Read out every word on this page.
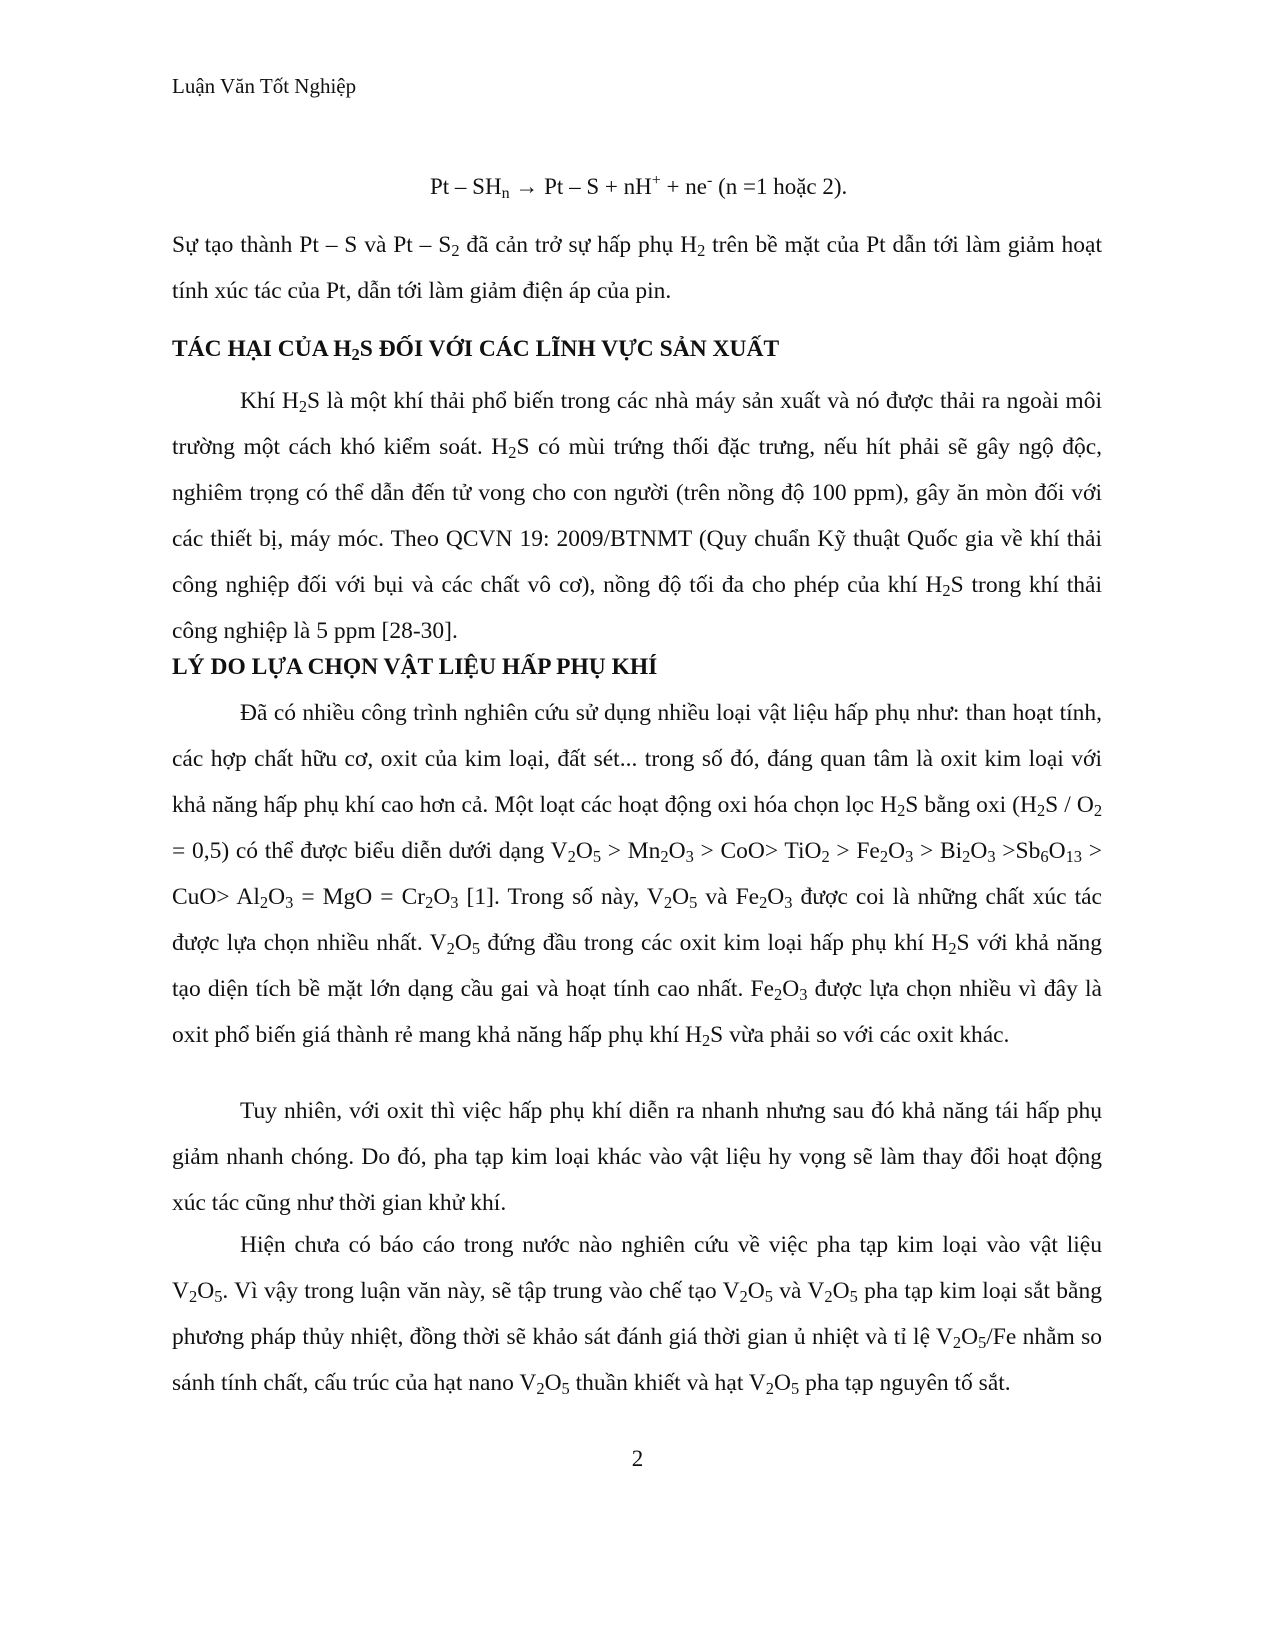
Luận Văn Tốt Nghiệp
$Pt - SH_n \to Pt - S + nH^+ + ne^-$ (n =1 hoặc 2).
Sự tạo thành Pt – S và Pt – $S_2$ đã cản trở sự hấp phụ $H_2$ trên bề mặt của Pt dẫn tới làm giảm hoạt tính xúc tác của Pt, dẫn tới làm giảm điện áp của pin.
TÁC HẠI CỦA $H_2S$ ĐỐI VỚI CÁC LĨNH VỰC SẢN XUẤT
Khí $H_2S$ là một khí thải phổ biến trong các nhà máy sản xuất và nó được thải ra ngoài môi trường một cách khó kiểm soát. $H_2S$ có mùi trứng thối đặc trưng, nếu hít phải sẽ gây ngộ độc, nghiêm trọng có thể dẫn đến tử vong cho con người (trên nồng độ 100 ppm), gây ăn mòn đối với các thiết bị, máy móc. Theo QCVN 19: 2009/BTNMT (Quy chuẩn Kỹ thuật Quốc gia về khí thải công nghiệp đối với bụi và các chất vô cơ), nồng độ tối đa cho phép của khí $H_2S$ trong khí thải công nghiệp là 5 ppm [28-30].
LÝ DO LỰA CHỌN VẬT LIỆU HẤP PHỤ KHÍ
Đã có nhiều công trình nghiên cứu sử dụng nhiều loại vật liệu hấp phụ như: than hoạt tính, các hợp chất hữu cơ, oxit của kim loại, đất sét... trong số đó, đáng quan tâm là oxit kim loại với khả năng hấp phụ khí cao hơn cả. Một loạt các hoạt động oxi hóa chọn lọc $H_2S$ bằng oxi $(H_2S / O_2 = 0,5)$ có thể được biểu diễn dưới dạng $V_2O_5 > Mn_2O_3 > CoO> TiO_2 > Fe_2O_3 > Bi_2O_3 >Sb_6O_{13} > CuO> Al_2O_3$ = MgO = $Cr_2O_3$ [1]. Trong số này, $V_2O_5$ và $Fe_2O_3$ được coi là những chất xúc tác được lựa chọn nhiều nhất. $V_2O_5$ đứng đầu trong các oxit kim loại hấp phụ khí $H_2S$ với khả năng tạo diện tích bề mặt lớn dạng cầu gai và hoạt tính cao nhất. $Fe_2O_3$ được lựa chọn nhiều vì đây là oxit phổ biến giá thành rẻ mang khả năng hấp phụ khí $H_2S$ vừa phải so với các oxit khác.
Tuy nhiên, với oxit thì việc hấp phụ khí diễn ra nhanh nhưng sau đó khả năng tái hấp phụ giảm nhanh chóng. Do đó, pha tạp kim loại khác vào vật liệu hy vọng sẽ làm thay đổi hoạt động xúc tác cũng như thời gian khử khí.
Hiện chưa có báo cáo trong nước nào nghiên cứu về việc pha tạp kim loại vào vật liệu $V_2O_5$. Vì vậy trong luận văn này, sẽ tập trung vào chế tạo $V_2O_5$ và $V_2O_5$ pha tạp kim loại sắt bằng phương pháp thủy nhiệt, đồng thời sẽ khảo sát đánh giá thời gian ủ nhiệt và tỉ lệ $V_2O_5/Fe$ nhằm so sánh tính chất, cấu trúc của hạt nano $V_2O_5$ thuần khiết và hạt $V_2O_5$ pha tạp nguyên tố sắt.
2
